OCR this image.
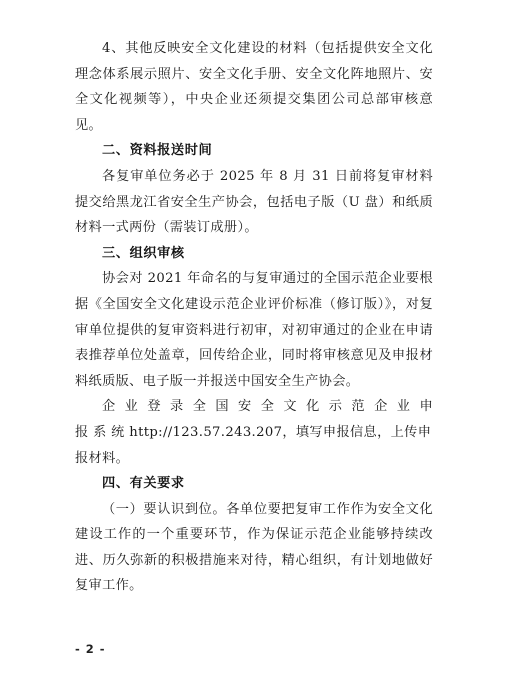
4、其他反映安全文化建设的材料（包括提供安全文化理念体系展示照片、安全文化手册、安全文化阵地照片、安全文化视频等），中央企业还须提交集团公司总部审核意见。

二、资料报送时间

各复审单位务必于 2025 年 8 月 31 日前将复审材料提交给黑龙江省安全生产协会，包括电子版（U 盘）和纸质材料一式两份（需装订成册）。

三、组织审核

协会对 2021 年命名的与复审通过的全国示范企业要根据《全国安全文化建设示范企业评价标准（修订版）》，对复审单位提供的复审资料进行初审，对初审通过的企业在申请表推荐单位处盖章，回传给企业，同时将审核意见及申报材料纸质版、电子版一并报送中国安全生产协会。

企业登录全国安全文化示范企业申
报 系 统 http://123.57.243.207，填写申报信息，上传申报材料。

四、有关要求

（一）要认识到位。各单位要把复审工作作为安全文化建设工作的一个重要环节，作为保证示范企业能够持续改进、历久弥新的积极措施来对待，精心组织，有计划地做好复审工作。

- 2 -
